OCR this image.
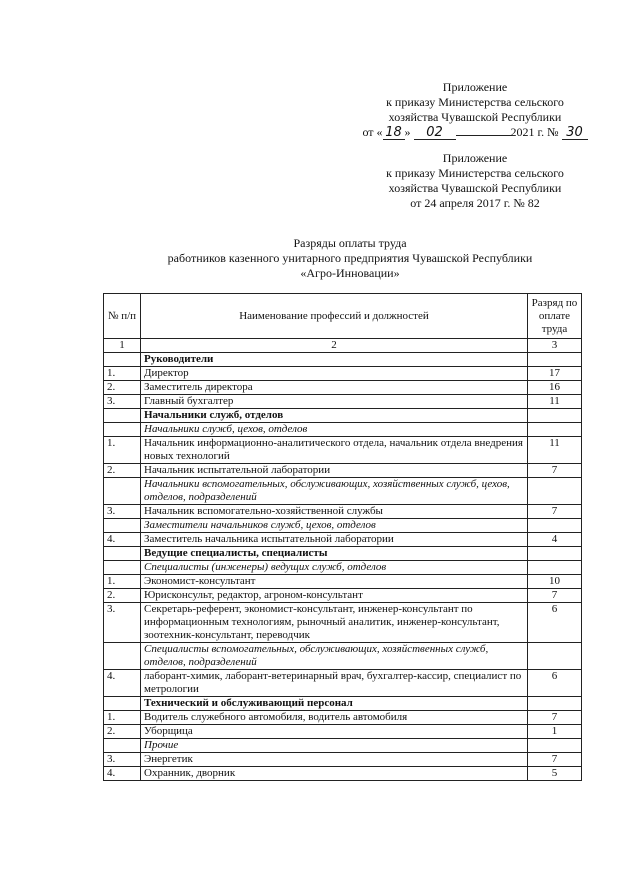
Приложение
к приказу Министерства сельского
хозяйства Чувашской Республики
от « 18 » 02	2021 г. № 30
Приложение
к приказу Министерства сельского
хозяйства Чувашской Республики
от 24 апреля 2017 г. № 82
Разряды оплаты труда
работников казенного унитарного предприятия Чувашской Республики
«Агро-Инновации»
№ п/п	Наименование профессий и должностей	Разряд по оплате труда
1	2	3
	Руководители	
1.	Директор	17
2.	Заместитель директора	16
3.	Главный бухгалтер	11
	Начальники служб, отделов	
	Начальники служб, цехов, отделов	
1.	Начальник информационно-аналитического отдела, начальник отдела внедрения новых технологий	11
2.	Начальник испытательной лаборатории	7
	Начальники вспомогательных, обслуживающих, хозяйственных служб, цехов, отделов, подразделений	
3.	Начальник вспомогательно-хозяйственной службы	7
	Заместители начальников служб, цехов, отделов	
4.	Заместитель начальника испытательной лаборатории	4
	Ведущие специалисты, специалисты	
	Специалисты (инженеры) ведущих служб, отделов	
1.	Экономист-консультант	10
2.	Юрисконсульт, редактор, агроном-консультант	7
3.	Секретарь-референт, экономист-консультант, инженер-консультант по информационным технологиям, рыночный аналитик, инженер-консультант, зоотехник-консультант, переводчик	6
	Специалисты вспомогательных, обслуживающих, хозяйственных служб, отделов, подразделений	
4.	лаборант-химик, лаборант-ветеринарный врач, бухгалтер-кассир, специалист по метрологии	6
	Технический и обслуживающий персонал	
1.	Водитель служебного автомобиля, водитель автомобиля	7
2.	Уборщица	1
	Прочие	
3.	Энергетик	7
4.	Охранник, дворник	5
